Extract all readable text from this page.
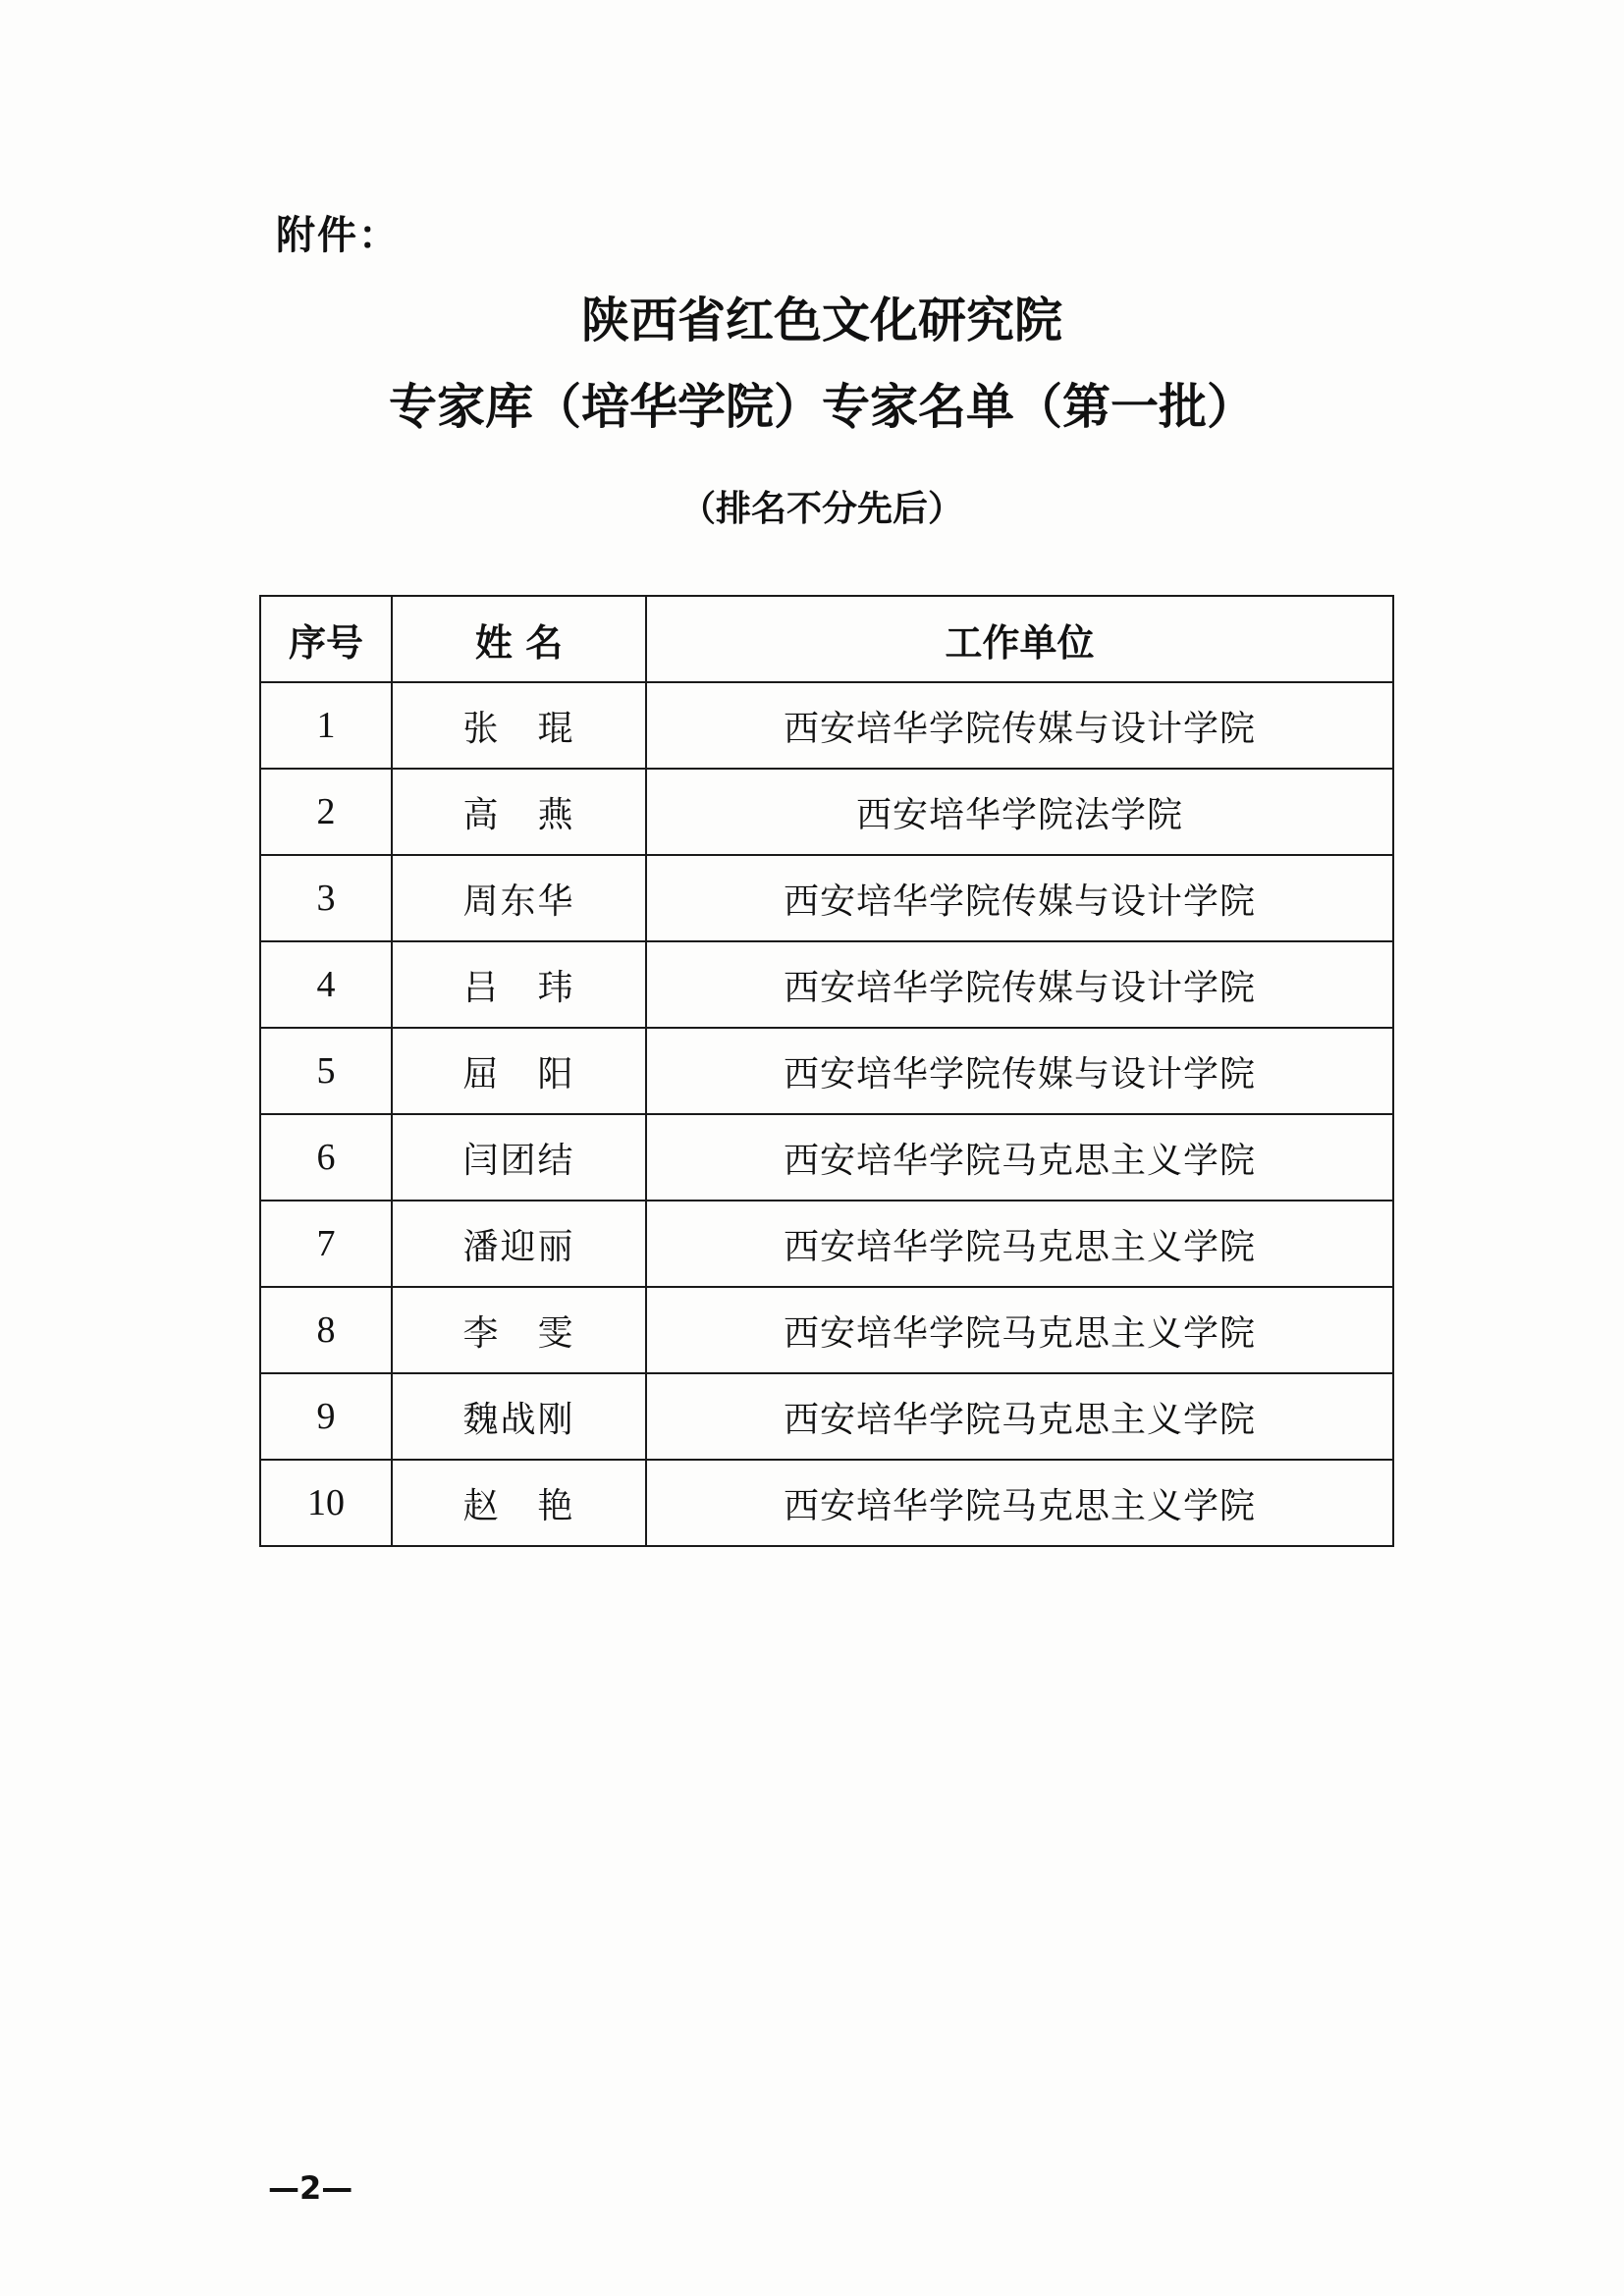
附件：
陕西省红色文化研究院
专家库（培华学院）专家名单（第一批）
（排名不分先后）
序号	姓 名	工作单位
1	张　琨	西安培华学院传媒与设计学院
2	高　燕	西安培华学院法学院
3	周东华	西安培华学院传媒与设计学院
4	吕　玮	西安培华学院传媒与设计学院
5	屈　阳	西安培华学院传媒与设计学院
6	闫团结	西安培华学院马克思主义学院
7	潘迎丽	西安培华学院马克思主义学院
8	李　雯	西安培华学院马克思主义学院
9	魏战刚	西安培华学院马克思主义学院
10	赵　艳	西安培华学院马克思主义学院
—2—
